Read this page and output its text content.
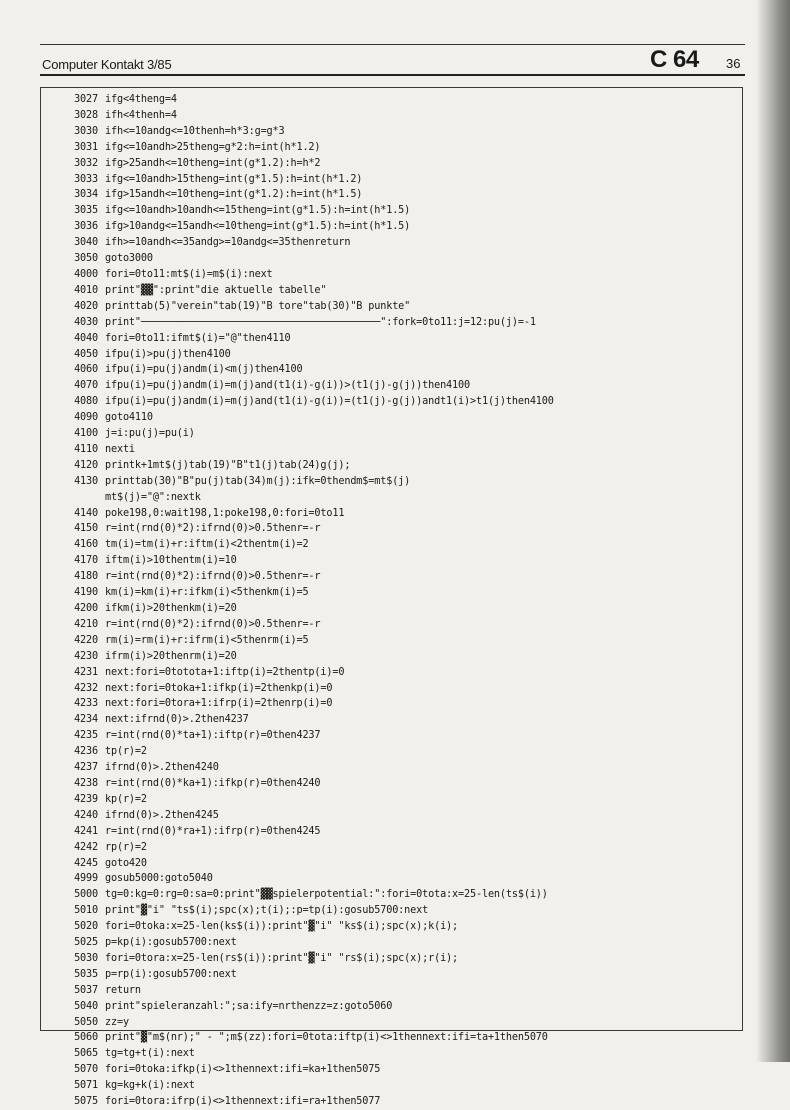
Computer Kontakt 3/85	C 64 36
3027 ifg<4theng=4
3028 ifh<4thenh=4
3030 ifh<=10andg<=10thenh=h*3:g=g*3
3031 ifg<=10andh>25theng=g*2:h=int(h*1.2)
3032 ifg>25andh<=10theng=int(g*1.2):h=h*2
3033 ifg<=10andh>15theng=int(g*1.5):h=int(h*1.2)
3034 ifg>15andh<=10theng=int(g*1.2):h=int(h*1.5)
3035 ifg<=10andh>10andh<=15theng=int(g*1.5):h=int(h*1.5)
3036 ifg>10andg<=15andh<=10theng=int(g*1.5):h=int(h*1.5)
3040 ifh>=10andh<=35andg>=10andg<=35thenreturn
3050 goto3000
4000 fori=0to11:mt$(i)=m$(i):next
4010 print"▓▓":print"die aktuelle tabelle"
4020 printtab(5)"verein"tab(19)"B tore"tab(30)"B punkte"
4030 print"────────────────────────────────────────":fork=0to11:j=12:pu(j)=-1
4040 fori=0to11:ifmt$(i)="@"then4110
4050 ifpu(i)>pu(j)then4100
4060 ifpu(i)=pu(j)andm(i)<m(j)then4100
4070 ifpu(i)=pu(j)andm(i)=m(j)and(t1(i)-g(i))>(t1(j)-g(j))then4100
4080 ifpu(i)=pu(j)andm(i)=m(j)and(t1(i)-g(i))=(t1(j)-g(j))andt1(i)>t1(j)then4100
4090 goto4110
4100 j=i:pu(j)=pu(i)
4110 nexti
4120 printk+1mt$(j)tab(19)"B"t1(j)tab(24)g(j);
4130 printtab(30)"B"pu(j)tab(34)m(j):ifk=0thendm$=mt$(j)
mt$(j)="@":nextk
4140 poke198,0:wait198,1:poke198,0:fori=0to11
4150 r=int(rnd(0)*2):ifrnd(0)>0.5thenr=-r
4160 tm(i)=tm(i)+r:iftm(i)<2thentm(i)=2
4170 iftm(i)>10thentm(i)=10
4180 r=int(rnd(0)*2):ifrnd(0)>0.5thenr=-r
4190 km(i)=km(i)+r:ifkm(i)<5thenkm(i)=5
4200 ifkm(i)>20thenkm(i)=20
4210 r=int(rnd(0)*2):ifrnd(0)>0.5thenr=-r
4220 rm(i)=rm(i)+r:ifrm(i)<5thenrm(i)=5
4230 ifrm(i)>20thenrm(i)=20
4231 next:fori=0totota+1:iftp(i)=2thentp(i)=0
4232 next:fori=0toka+1:ifkp(i)=2thenkp(i)=0
4233 next:fori=0tora+1:ifrp(i)=2thenrp(i)=0
4234 next:ifrnd(0)>.2then4237
4235 r=int(rnd(0)*ta+1):iftp(r)=0then4237
4236 tp(r)=2
4237 ifrnd(0)>.2then4240
4238 r=int(rnd(0)*ka+1):ifkp(r)=0then4240
4239 kp(r)=2
4240 ifrnd(0)>.2then4245
4241 r=int(rnd(0)*ra+1):ifrp(r)=0then4245
4242 rp(r)=2
4245 goto420
4999 gosub5000:goto5040
5000 tg=0:kg=0:rg=0:sa=0:print"▓▓spielerpotential:":fori=0tota:x=25-len(ts$(i))
5010 print"▓"i" "ts$(i);spc(x);t(i);:p=tp(i):gosub5700:next
5020 fori=0toka:x=25-len(ks$(i)):print"▓"i" "ks$(i);spc(x);k(i);
5025 p=kp(i):gosub5700:next
5030 fori=0tora:x=25-len(rs$(i)):print"▓"i" "rs$(i);spc(x);r(i);
5035 p=rp(i):gosub5700:next
5037 return
5040 print"spieleranzahl:";sa:ify=nrthenzz=z:goto5060
5050 zz=y
5060 print"▓"m$(nr);" - ";m$(zz):fori=0tota:iftp(i)<>1thennext:ifi=ta+1then5070
5065 tg=tg+t(i):next
5070 fori=0toka:ifkp(i)<>1thennext:ifi=ka+1then5075
5071 kg=kg+k(i):next
5075 fori=0tora:ifrp(i)<>1thennext:ifi=ra+1then5077
